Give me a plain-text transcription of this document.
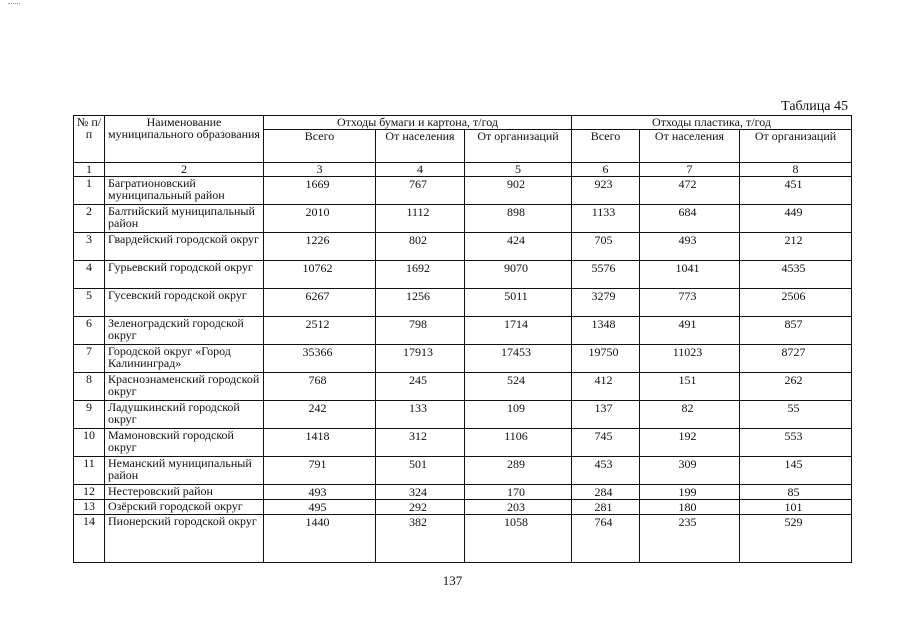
Таблица 45
№ п/п	Наименование муниципального образования	Отходы бумаги и картона, т/год			Отходы пластика, т/год		
		Всего	От населения	От организаций	Всего	От населения	От организаций
1	2	3	4	5	6	7	8
1	Багратионовский муниципальный район	1669	767	902	923	472	451
2	Балтийский муниципальный район	2010	1112	898	1133	684	449
3	Гвардейский городской округ	1226	802	424	705	493	212
4	Гурьевский городской округ	10762	1692	9070	5576	1041	4535
5	Гусевский городской округ	6267	1256	5011	3279	773	2506
6	Зеленоградский городской округ	2512	798	1714	1348	491	857
7	Городской округ «Город Калининград»	35366	17913	17453	19750	11023	8727
8	Краснознаменский городской округ	768	245	524	412	151	262
9	Ладушкинский городской округ	242	133	109	137	82	55
10	Мамоновский городской округ	1418	312	1106	745	192	553
11	Неманский муниципальный район	791	501	289	453	309	145
12	Нестеровский район	493	324	170	284	199	85
13	Озёрский городской округ	495	292	203	281	180	101
14	Пионерский городской округ	1440	382	1058	764	235	529
137
